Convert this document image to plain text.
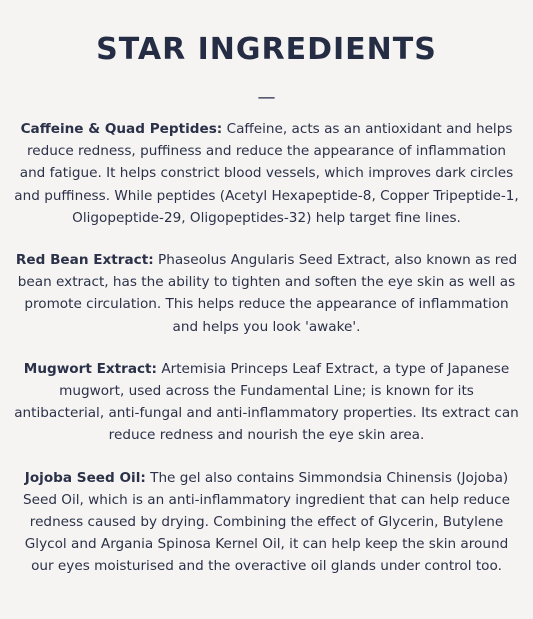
STAR INGREDIENTS
—

Caffeine & Quad Peptides: Caffeine, acts as an antioxidant and helps reduce redness, puffiness and reduce the appearance of inflammation and fatigue. It helps constrict blood vessels, which improves dark circles and puffiness. While peptides (Acetyl Hexapeptide-8, Copper Tripeptide-1, Oligopeptide-29, Oligopeptides-32) help target fine lines.

Red Bean Extract: Phaseolus Angularis Seed Extract, also known as red bean extract, has the ability to tighten and soften the eye skin as well as promote circulation. This helps reduce the appearance of inflammation and helps you look 'awake'.

Mugwort Extract: Artemisia Princeps Leaf Extract, a type of Japanese mugwort, used across the Fundamental Line; is known for its antibacterial, anti-fungal and anti-inflammatory properties. Its extract can reduce redness and nourish the eye skin area.

Jojoba Seed Oil: The gel also contains Simmondsia Chinensis (Jojoba) Seed Oil, which is an anti-inflammatory ingredient that can help reduce redness caused by drying. Combining the effect of Glycerin, Butylene Glycol and Argania Spinosa Kernel Oil, it can help keep the skin around our eyes moisturised and the overactive oil glands under control too.
